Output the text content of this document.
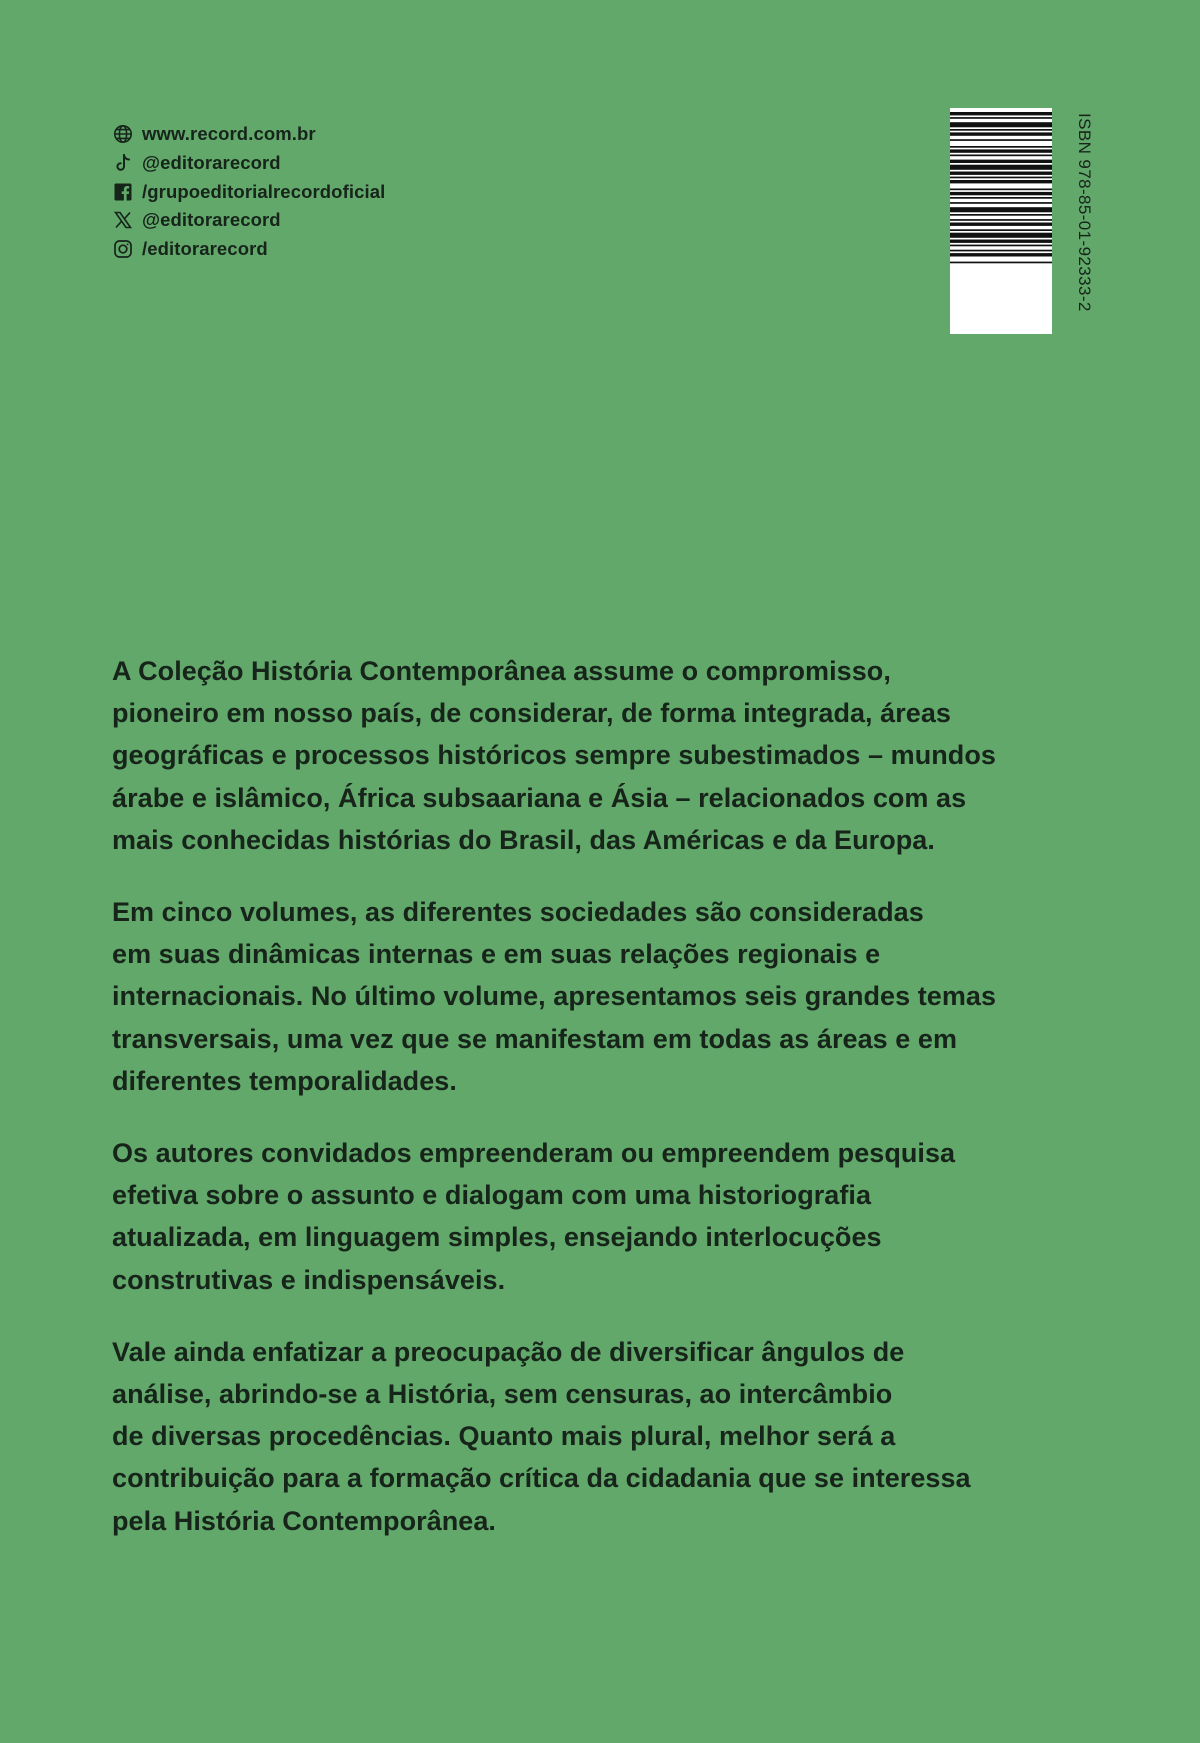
www.record.com.br
@editorarecord
/grupoeditorialrecordoficial
@editorarecord
/editorarecord	ISBN 978-85-01-92333-2

A Coleção História Contemporânea assume o compromisso,
pioneiro em nosso país, de considerar, de forma integrada, áreas
geográficas e processos históricos sempre subestimados – mundos
árabe e islâmico, África subsaariana e Ásia – relacionados com as
mais conhecidas histórias do Brasil, das Américas e da Europa.

Em cinco volumes, as diferentes sociedades são consideradas
em suas dinâmicas internas e em suas relações regionais e
internacionais. No último volume, apresentamos seis grandes temas
transversais, uma vez que se manifestam em todas as áreas e em
diferentes temporalidades.

Os autores convidados empreenderam ou empreendem pesquisa
efetiva sobre o assunto e dialogam com uma historiografia
atualizada, em linguagem simples, ensejando interlocuções
construtivas e indispensáveis.

Vale ainda enfatizar a preocupação de diversificar ângulos de
análise, abrindo-se a História, sem censuras, ao intercâmbio
de diversas procedências. Quanto mais plural, melhor será a
contribuição para a formação crítica da cidadania que se interessa
pela História Contemporânea.
